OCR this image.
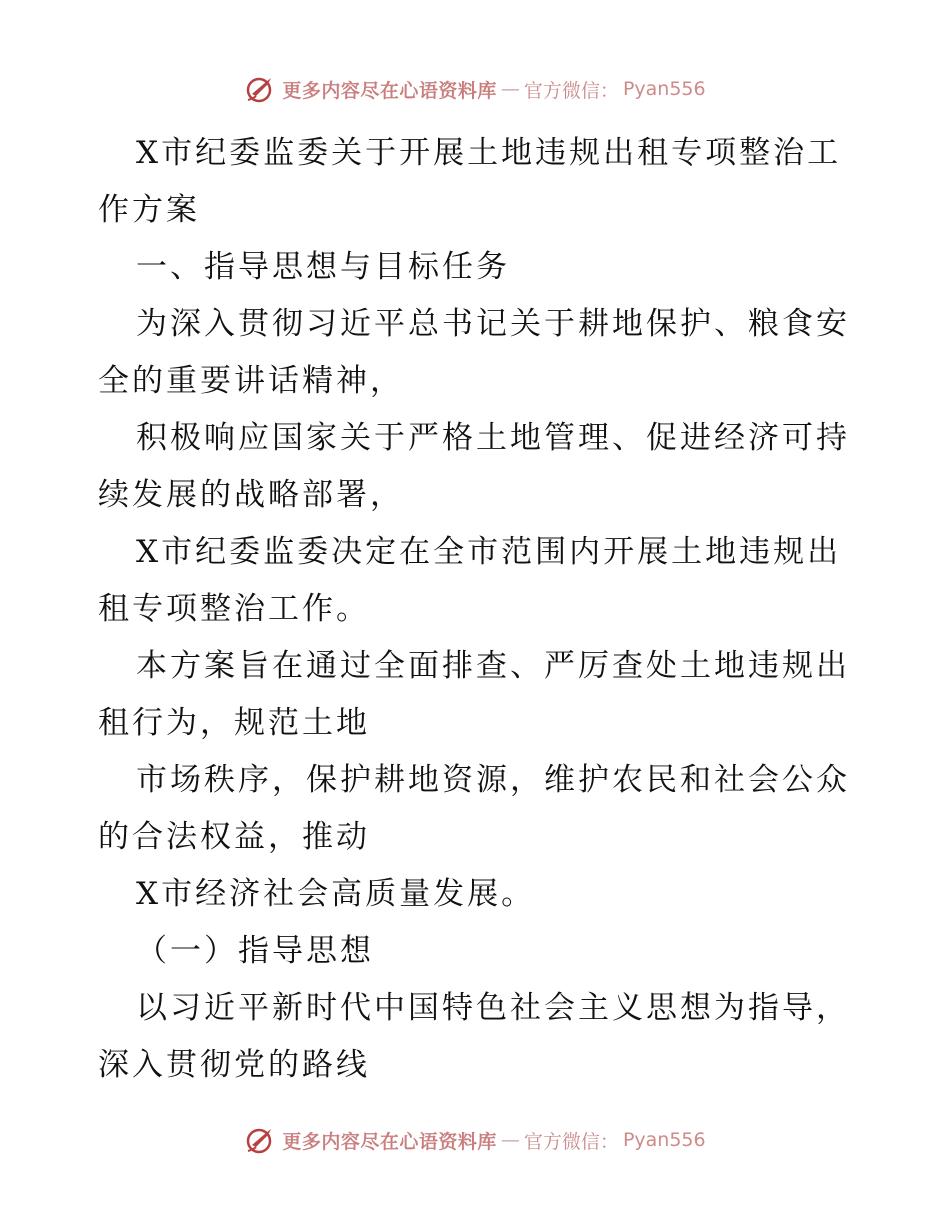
更多内容尽在心语资料库 — 官方微信： Pyan556
X市纪委监委关于开展土地违规出租专项整治工
作方案
一、指导思想与目标任务
为深入贯彻习近平总书记关于耕地保护、粮食安
全的重要讲话精神，
积极响应国家关于严格土地管理、促进经济可持
续发展的战略部署，
X市纪委监委决定在全市范围内开展土地违规出
租专项整治工作。
本方案旨在通过全面排查、严厉查处土地违规出
租行为，规范土地
市场秩序，保护耕地资源，维护农民和社会公众
的合法权益，推动
X市经济社会高质量发展。
（一）指导思想
以习近平新时代中国特色社会主义思想为指导，
深入贯彻党的路线
更多内容尽在心语资料库 — 官方微信： Pyan556
